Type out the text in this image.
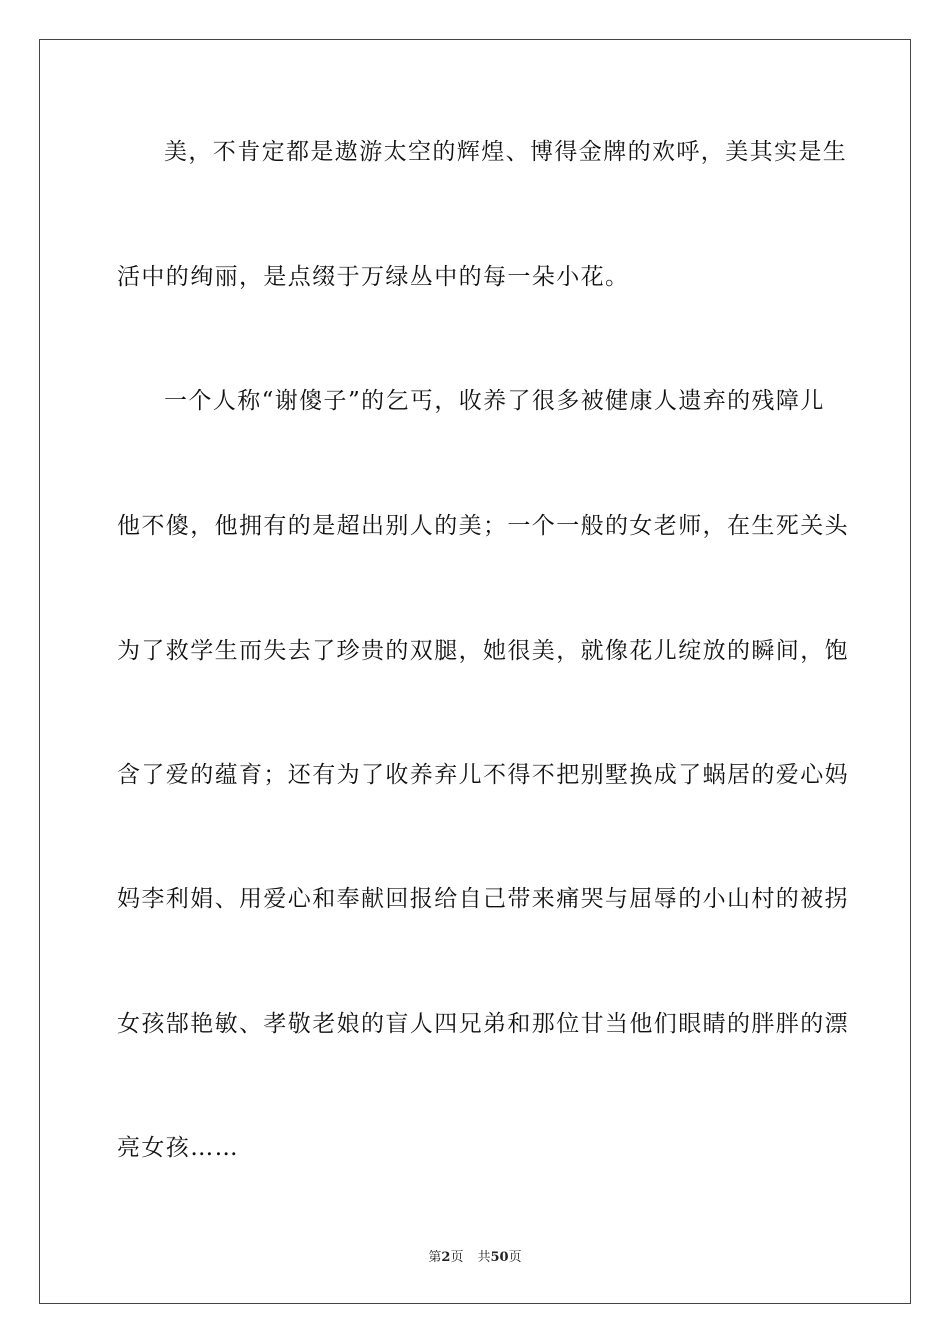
美，不肯定都是遨游太空的辉煌、博得金牌的欢呼，美其实是生
活中的绚丽，是点缀于万绿丛中的每一朵小花。
一个人称“谢傻子”的乞丐，收养了很多被健康人遗弃的残障儿
他不傻，他拥有的是超出别人的美；一个一般的女老师，在生死关头
为了救学生而失去了珍贵的双腿，她很美，就像花儿绽放的瞬间，饱
含了爱的蕴育；还有为了收养弃儿不得不把别墅换成了蜗居的爱心妈
妈李利娟、用爱心和奉献回报给自己带来痛哭与屈辱的小山村的被拐
女孩郜艳敏、孝敬老娘的盲人四兄弟和那位甘当他们眼睛的胖胖的漂
亮女孩……
第2页 共50页
